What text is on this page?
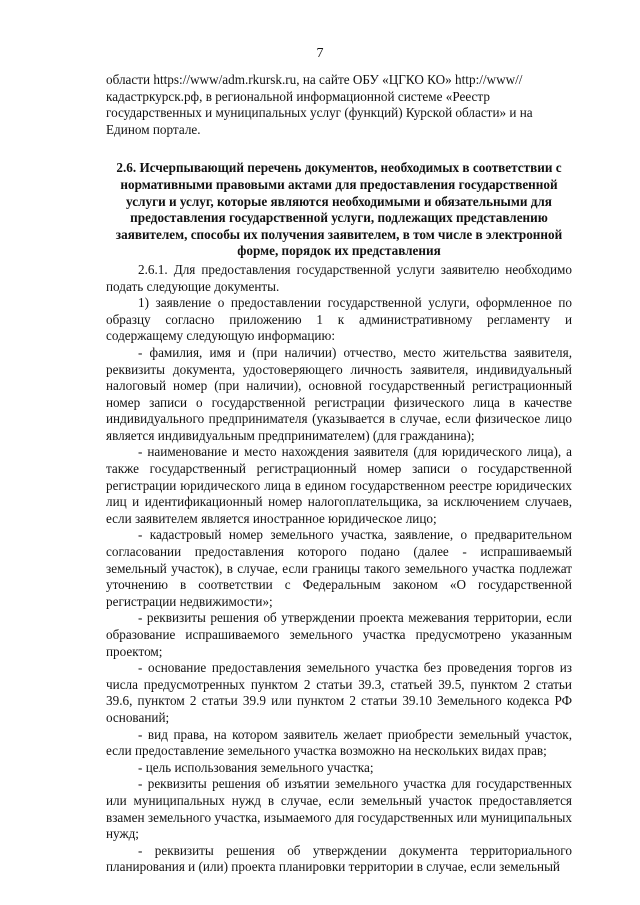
7

области https://www/adm.rkursk.ru, на сайте ОБУ «ЦГКО КО» http://www//кадастркурск.рф, в региональной информационной системе «Реестр государственных и муниципальных услуг (функций) Курской области» и на Едином портале.

2.6. Исчерпывающий перечень документов, необходимых в соответствии с нормативными правовыми актами для предоставления государственной услуги и услуг, которые являются необходимыми и обязательными для предоставления государственной услуги, подлежащих представлению заявителем, способы их получения заявителем, в том числе в электронной форме, порядок их представления

2.6.1. Для предоставления государственной услуги заявителю необходимо подать следующие документы.

1) заявление о предоставлении государственной услуги, оформленное по образцу согласно приложению 1 к административному регламенту и содержащему следующую информацию:

- фамилия, имя и (при наличии) отчество, место жительства заявителя, реквизиты документа, удостоверяющего личность заявителя, индивидуальный налоговый номер (при наличии), основной государственный регистрационный номер записи о государственной регистрации физического лица в качестве индивидуального предпринимателя (указывается в случае, если физическое лицо является индивидуальным предпринимателем) (для гражданина);

- наименование и место нахождения заявителя (для юридического лица), а также государственный регистрационный номер записи о государственной регистрации юридического лица в едином государственном реестре юридических лиц и идентификационный номер налогоплательщика, за исключением случаев, если заявителем является иностранное юридическое лицо;

- кадастровый номер земельного участка, заявление, о предварительном согласовании предоставления которого подано (далее - испрашиваемый земельный участок), в случае, если границы такого земельного участка подлежат уточнению в соответствии с Федеральным законом «О государственной регистрации недвижимости»;

- реквизиты решения об утверждении проекта межевания территории, если образование испрашиваемого земельного участка предусмотрено указанным проектом;

- основание предоставления земельного участка без проведения торгов из числа предусмотренных пунктом 2 статьи 39.3, статьей 39.5, пунктом 2 статьи 39.6, пунктом 2 статьи 39.9 или пунктом 2 статьи 39.10 Земельного кодекса РФ оснований;

- вид права, на котором заявитель желает приобрести земельный участок, если предоставление земельного участка возможно на нескольких видах прав;

- цель использования земельного участка;

- реквизиты решения об изъятии земельного участка для государственных или муниципальных нужд в случае, если земельный участок предоставляется взамен земельного участка, изымаемого для государственных или муниципальных нужд;

- реквизиты решения об утверждении документа территориального планирования и (или) проекта планировки территории в случае, если земельный
